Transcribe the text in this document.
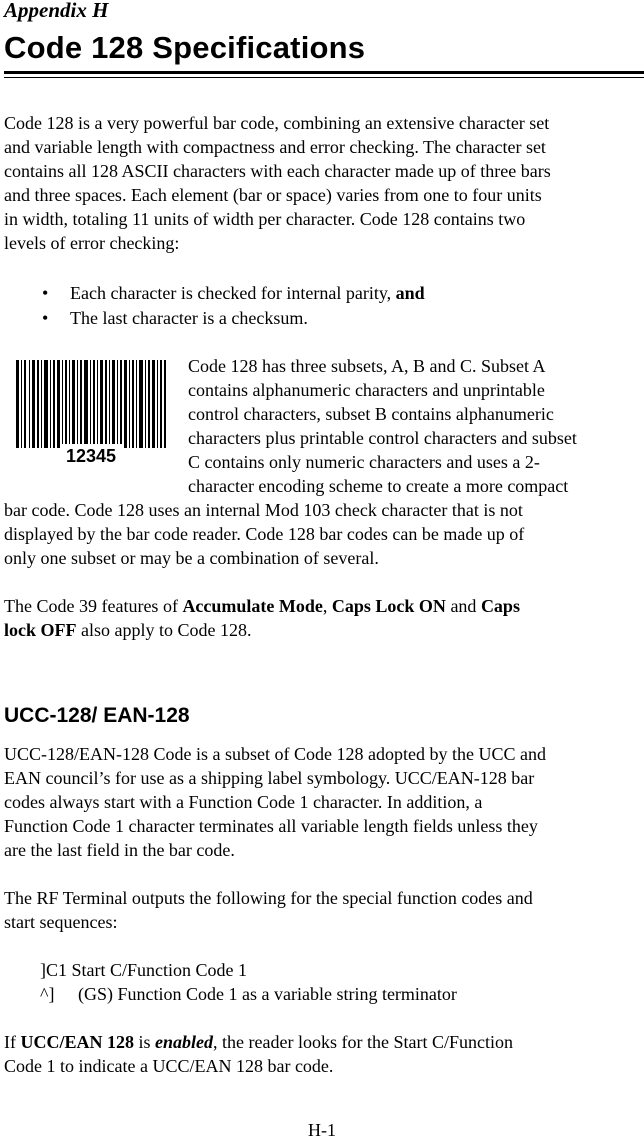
Appendix H
Code 128 Specifications
Code 128 is a very powerful bar code, combining an extensive character set
and variable length with compactness and error checking. The character set
contains all 128 ASCII characters with each character made up of three bars
and three spaces. Each element (bar or space) varies from one to four units
in width, totaling 11 units of width per character. Code 128 contains two
levels of error checking:
• Each character is checked for internal parity, and
• The last character is a checksum.
12345
Code 128 has three subsets, A, B and C. Subset A
contains alphanumeric characters and unprintable
control characters, subset B contains alphanumeric
characters plus printable control characters and subset
C contains only numeric characters and uses a 2-
character encoding scheme to create a more compact
bar code. Code 128 uses an internal Mod 103 check character that is not
displayed by the bar code reader. Code 128 bar codes can be made up of
only one subset or may be a combination of several.
The Code 39 features of Accumulate Mode, Caps Lock ON and Caps
lock OFF also apply to Code 128.
UCC-128/ EAN-128
UCC-128/EAN-128 Code is a subset of Code 128 adopted by the UCC and
EAN council’s for use as a shipping label symbology. UCC/EAN-128 bar
codes always start with a Function Code 1 character. In addition, a
Function Code 1 character terminates all variable length fields unless they
are the last field in the bar code.
The RF Terminal outputs the following for the special function codes and
start sequences:
]C1 Start C/Function Code 1
^] (GS) Function Code 1 as a variable string terminator
If UCC/EAN 128 is enabled, the reader looks for the Start C/Function
Code 1 to indicate a UCC/EAN 128 bar code.
H-1
